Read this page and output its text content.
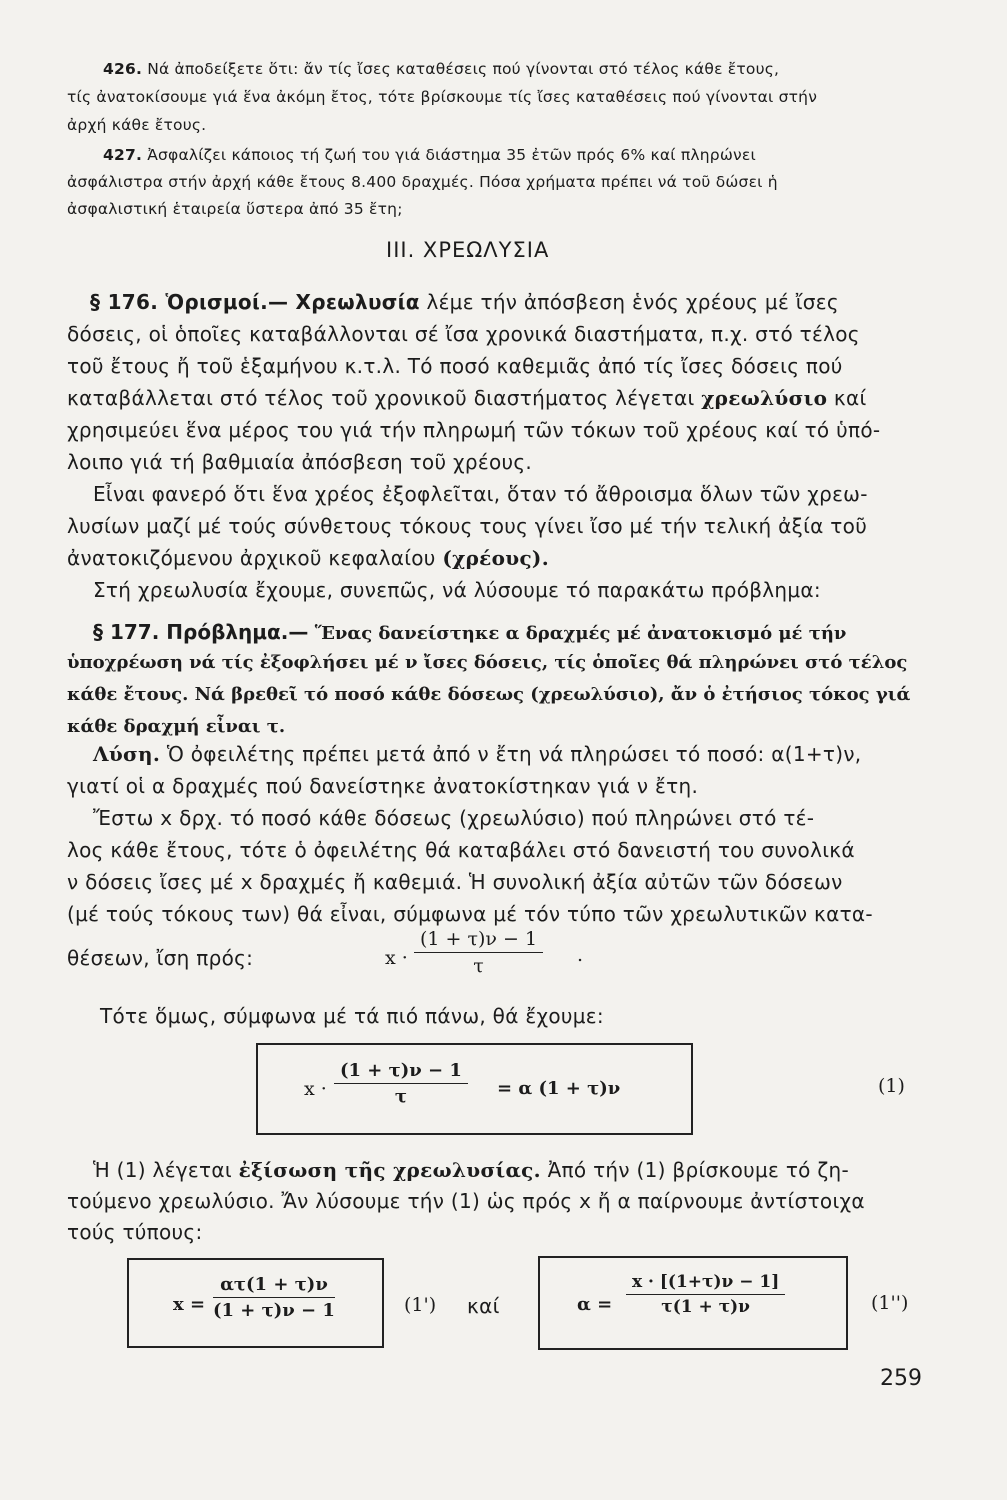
426. Νά ἀποδείξετε ὅτι: ἄν τίς ἴσες καταθέσεις πού γίνονται στό τέλος κάθε ἔτους,
τίς ἀνατοκίσουμε γιά ἕνα ἀκόμη ἔτος, τότε βρίσκουμε τίς ἴσες καταθέσεις πού γίνονται στήν
ἀρχή κάθε ἔτους.
427. Ἀσφαλίζει κάποιος τή ζωή του γιά διάστημα 35 ἐτῶν πρός 6% καί πληρώνει
ἀσφάλιστρα στήν ἀρχή κάθε ἔτους 8.400 δραχμές. Πόσα χρήματα πρέπει νά τοῦ δώσει ἡ
ἀσφαλιστική ἑταιρεία ὕστερα ἀπό 35 ἔτη;
III. ΧΡΕΩΛΥΣΙΑ
§ 176. Ὁρισμοί.— Χρεωλυσία λέμε τήν ἀπόσβεση ἑνός χρέους μέ ἴσες
δόσεις, οἱ ὁποῖες καταβάλλονται σέ ἴσα χρονικά διαστήματα, π.χ. στό τέλος
τοῦ ἔτους ἤ τοῦ ἑξαμήνου κ.τ.λ. Τό ποσό καθεμιᾶς ἀπό τίς ἴσες δόσεις πού
καταβάλλεται στό τέλος τοῦ χρονικοῦ διαστήματος λέγεται χρεωλύσιο καί
χρησιμεύει ἕνα μέρος του γιά τήν πληρωμή τῶν τόκων τοῦ χρέους καί τό ὑπό-
λοιπο γιά τή βαθμιαία ἀπόσβεση τοῦ χρέους.
Εἶναι φανερό ὅτι ἕνα χρέος ἐξοφλεῖται, ὅταν τό ἄθροισμα ὅλων τῶν χρεω-
λυσίων μαζί μέ τούς σύνθετους τόκους τους γίνει ἴσο μέ τήν τελική ἀξία τοῦ
ἀνατοκιζόμενου ἀρχικοῦ κεφαλαίου (χρέους).
Στή χρεωλυσία ἔχουμε, συνεπῶς, νά λύσουμε τό παρακάτω πρόβλημα:
§ 177. Πρόβλημα.— Ἕνας δανείστηκε α δραχμές μέ ἀνατοκισμό μέ τήν
ὑποχρέωση νά τίς ἐξοφλήσει μέ ν ἴσες δόσεις, τίς ὁποῖες θά πληρώνει στό τέλος
κάθε ἔτους. Νά βρεθεῖ τό ποσό κάθε δόσεως (χρεωλύσιο), ἄν ὁ ἐτήσιος τόκος γιά
κάθε δραχμή εἶναι τ.
Λύση. Ὁ ὀφειλέτης πρέπει μετά ἀπό ν ἔτη νά πληρώσει τό ποσό: α(1+τ)ν,
γιατί οἱ α δραχμές πού δανείστηκε ἀνατοκίστηκαν γιά ν ἔτη.
Ἔστω x δρχ. τό ποσό κάθε δόσεως (χρεωλύσιο) πού πληρώνει στό τέ-
λος κάθε ἔτους, τότε ὁ ὀφειλέτης θά καταβάλει στό δανειστή του συνολικά
ν δόσεις ἴσες μέ x δραχμές ἤ καθεμιά. Ἡ συνολική ἀξία αὐτῶν τῶν δόσεων
(μέ τούς τόκους των) θά εἶναι, σύμφωνα μέ τόν τύπο τῶν χρεωλυτικῶν κατα-
θέσεων, ἴση πρός:	$x \cdot \frac{(1 + \tau)\nu - 1}{\tau}$ .
Τότε ὅμως, σύμφωνα μέ τά πιό πάνω, θά ἔχουμε:
$x \cdot \frac{(1 + \tau)\nu - 1}{\tau} = \alpha$ (1 + τ)ν	(1)
Ἡ (1) λέγεται ἐξίσωση τῆς χρεωλυσίας. Ἀπό τήν (1) βρίσκουμε τό ζη-
τούμενο χρεωλύσιο. Ἄν λύσουμε τήν (1) ὡς πρός x ἤ α παίρνουμε ἀντίστοιχα
τούς τύπους:
$x = \frac{\alpha\tau(1 + \tau)\nu}{(1 + \tau)\nu - 1}$	(1') καί	$\alpha = \frac{x \cdot [(1+\tau)\nu - 1]}{\tau(1 + \tau)\nu}$	(1'')
259
